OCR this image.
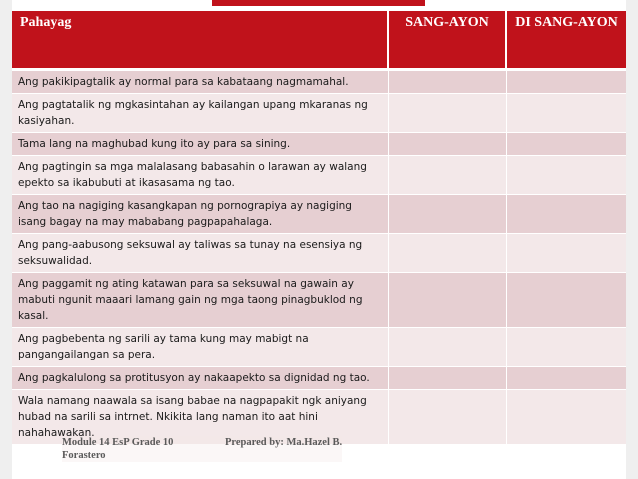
Pahayag	SANG-AYON	DI SANG-AYON
Ang pakikipagtalik ay normal para sa kabataang nagmamahal.		
Ang pagtatalik ng mgkasintahan ay kailangan upang mkaranas ng kasiyahan.		
Tama lang na maghubad kung ito ay para sa sining.		
Ang pagtingin sa mga malalasang babasahin o larawan ay walang epekto sa ikabubuti at ikasasama ng tao.		
Ang tao na nagiging kasangkapan ng pornograpiya ay nagiging isang bagay na may mababang pagpapahalaga.		
Ang pang-aabusong seksuwal ay taliwas sa tunay na esensiya ng seksuwalidad.		
Ang paggamit ng ating katawan para sa seksuwal na gawain ay mabuti ngunit maaari lamang gain ng mga taong pinagbuklod ng kasal.		
Ang pagbebenta ng sarili ay tama kung may mabigt na pangangailangan sa pera.		
Ang pagkalulong sa protitusyon ay nakaapekto sa dignidad ng tao.		
Wala namang naawala sa isang babae na nagpapakit ngk aniyang hubad na sarili sa intrnet. Nkikita lang naman ito aat hini nahahawakan.		
Module 14 EsP Grade 10	Prepared by: Ma.Hazel B.
Forastero
